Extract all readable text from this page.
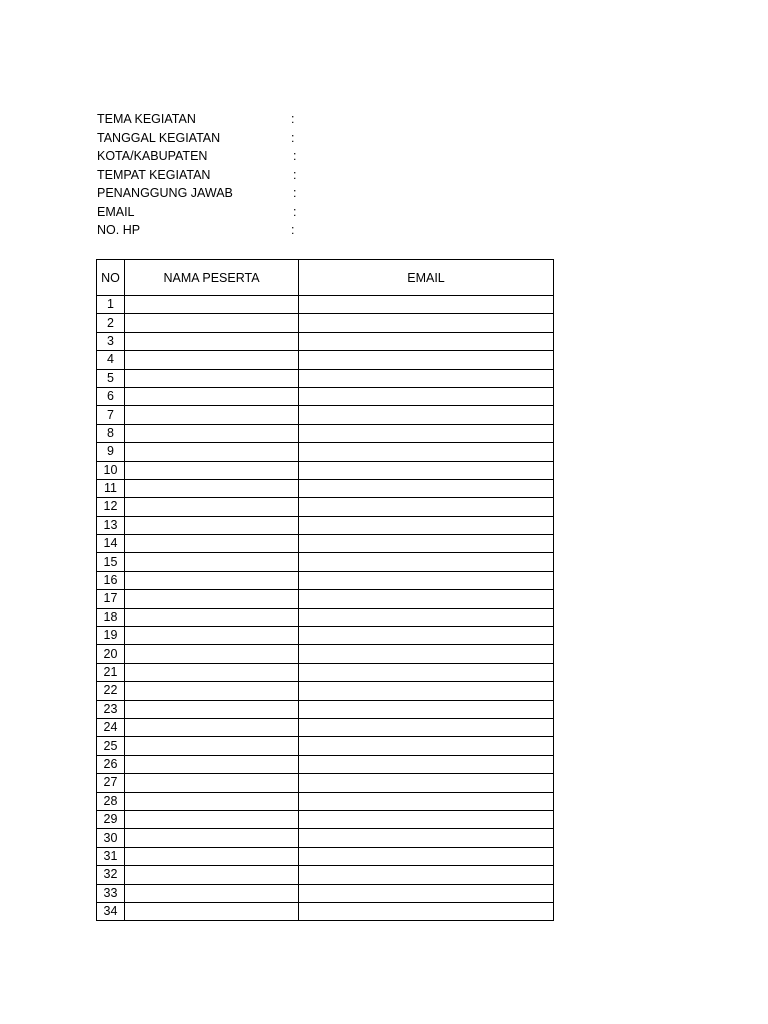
TEMA KEGIATAN	:
TANGGAL KEGIATAN	:
KOTA/KABUPATEN	:
TEMPAT KEGIATAN	:
PENANGGUNG JAWAB	:
EMAIL	:
NO. HP	:
NO	NAMA PESERTA	EMAIL
1		
2		
3		
4		
5		
6		
7		
8		
9		
10		
11		
12		
13		
14		
15		
16		
17		
18		
19		
20		
21		
22		
23		
24		
25		
26		
27		
28		
29		
30		
31		
32		
33		
34		
